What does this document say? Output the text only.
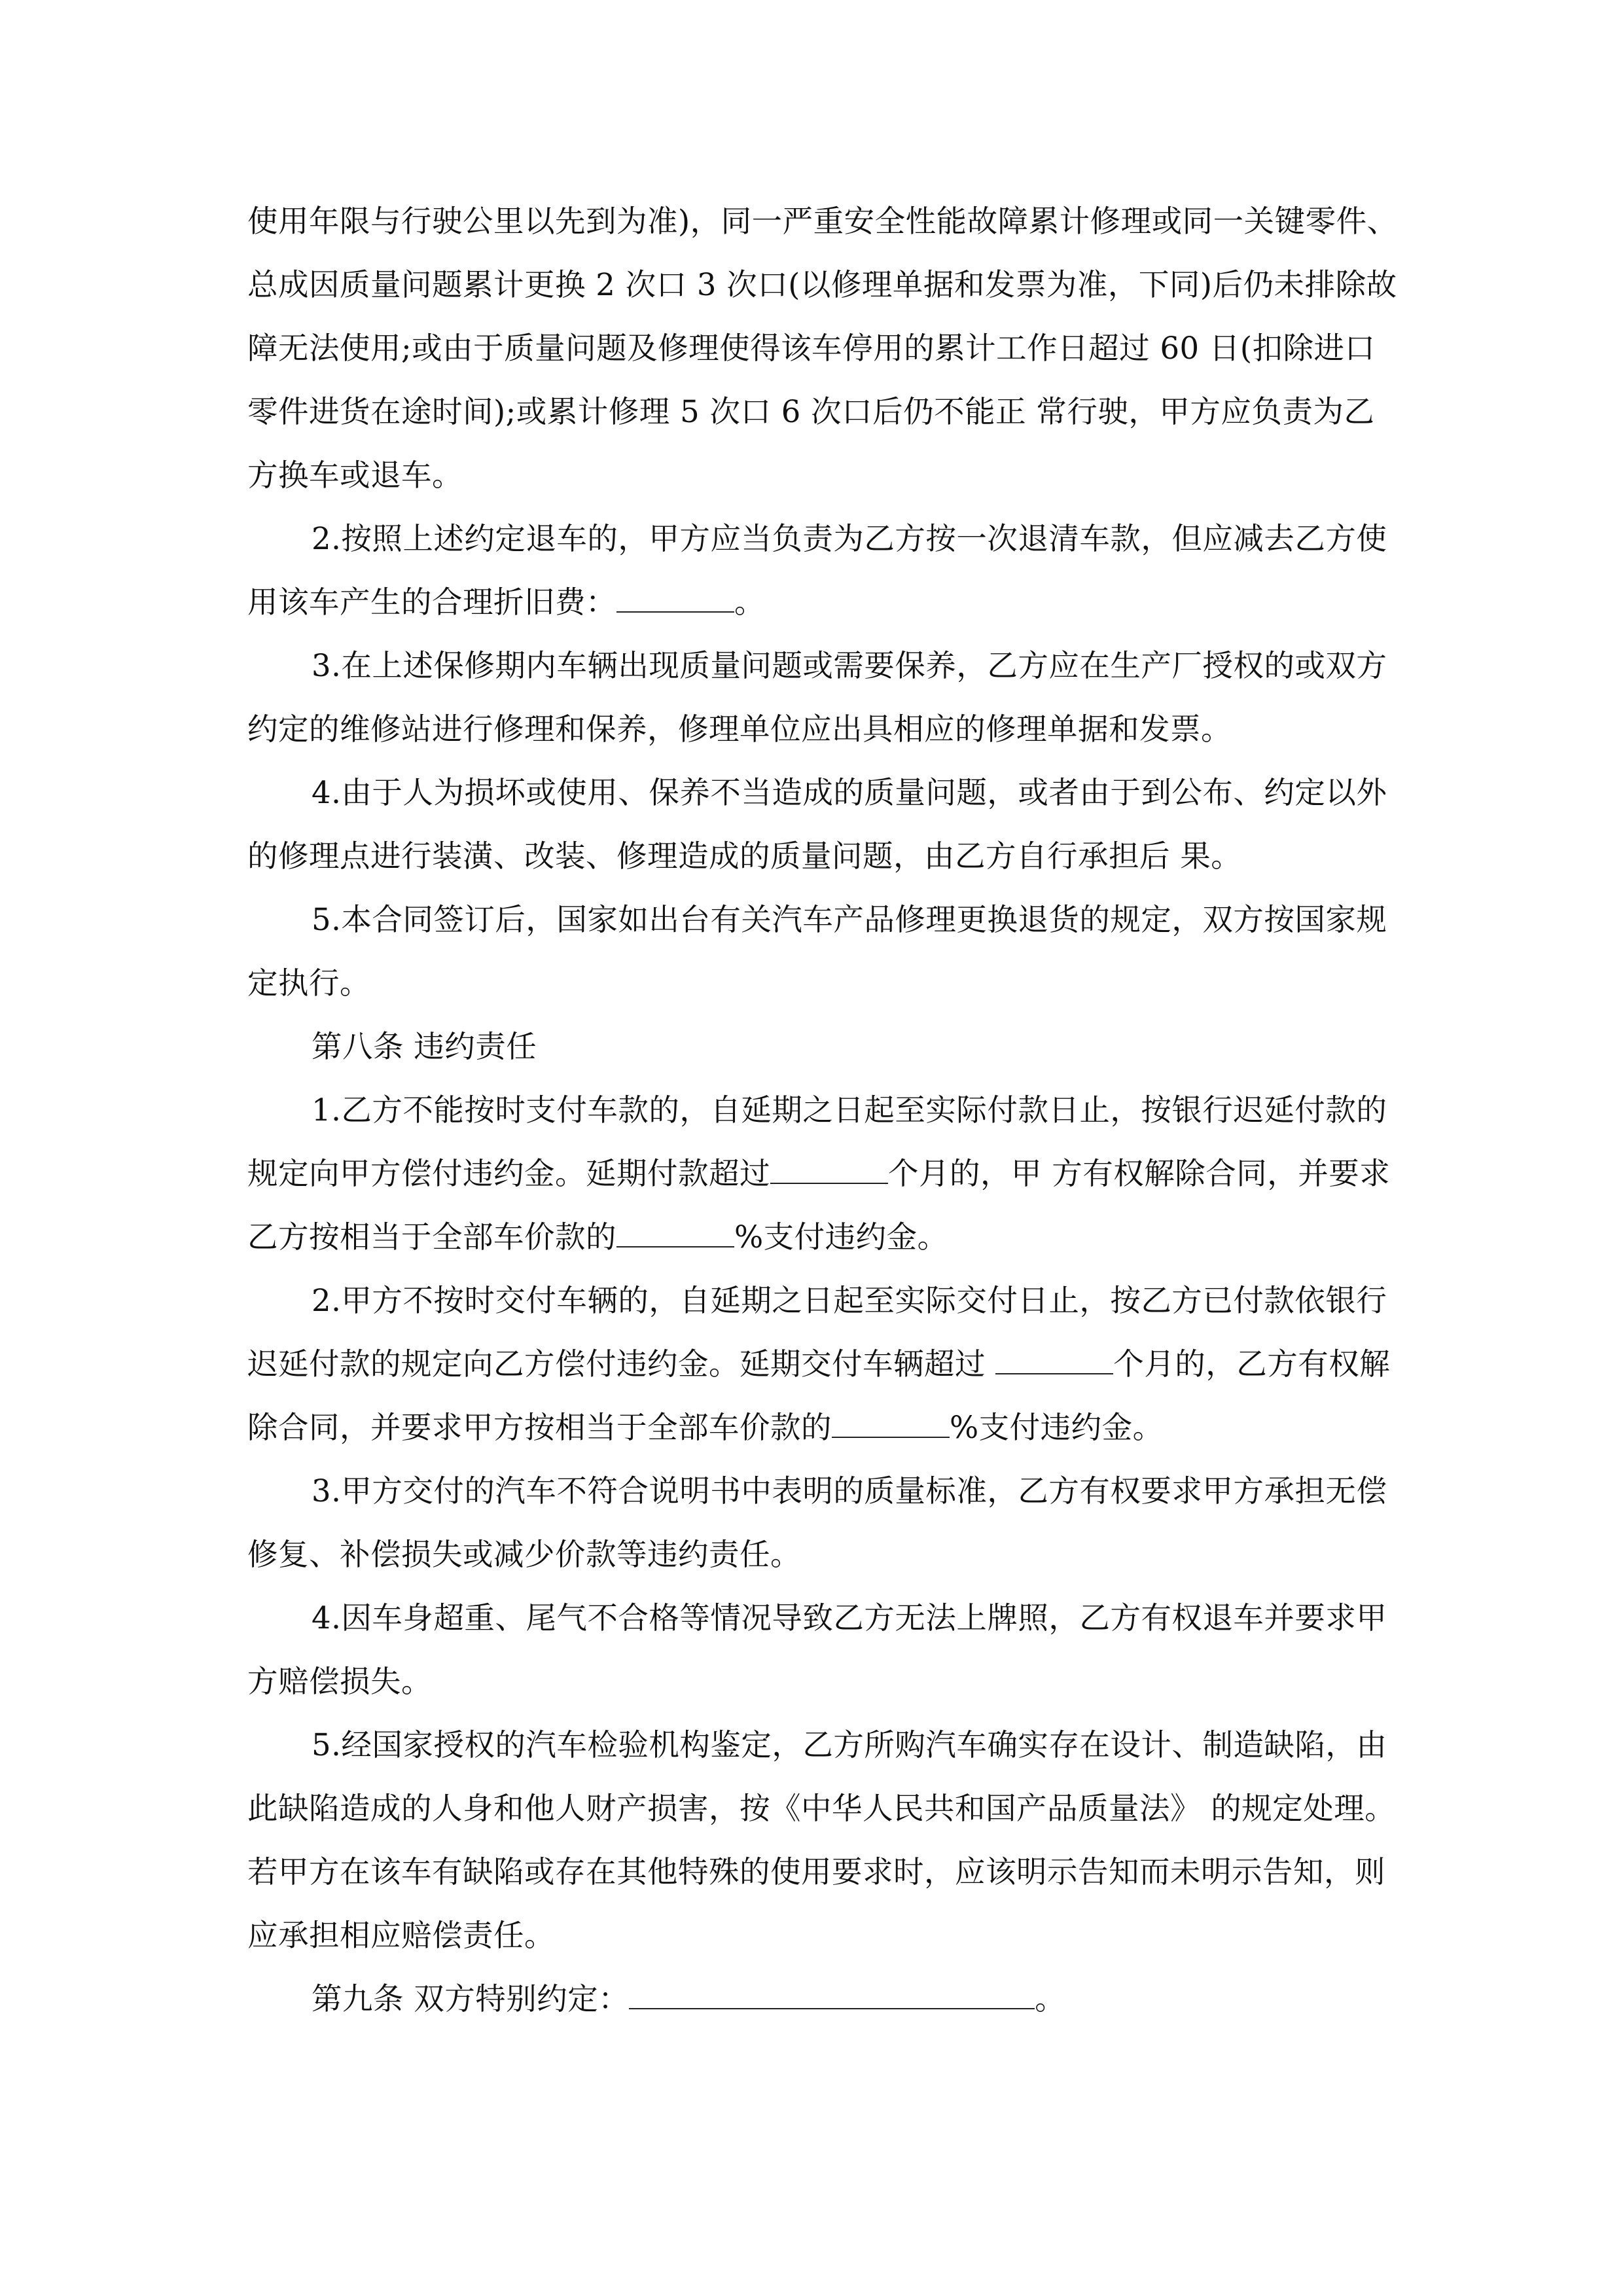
使用年限与行驶公里以先到为准)，同一严重安全性能故障累计修理或同一关键零件、总成因质量问题累计更换 2 次口 3 次口(以修理单据和发票为准，下同)后仍未排除故障无法使用;或由于质量问题及修理使得该车停用的累计工作日超过 60 日(扣除进口零件进货在途时间);或累计修理 5 次口 6 次口后仍不能正 常行驶，甲方应负责为乙方换车或退车。

2.按照上述约定退车的，甲方应当负责为乙方按一次退清车款，但应减去乙方使用该车产生的合理折旧费：	。

3.在上述保修期内车辆出现质量问题或需要保养，乙方应在生产厂授权的或双方约定的维修站进行修理和保养，修理单位应出具相应的修理单据和发票。

4.由于人为损坏或使用、保养不当造成的质量问题，或者由于到公布、约定以外的修理点进行装潢、改装、修理造成的质量问题，由乙方自行承担后 果。

5.本合同签订后，国家如出台有关汽车产品修理更换退货的规定，双方按国家规定执行。

第八条 违约责任

1.乙方不能按时支付车款的，自延期之日起至实际付款日止，按银行迟延付款的规定向甲方偿付违约金。延期付款超过	个月的，甲 方有权解除合同，并要求乙方按相当于全部车价款的	%支付违约金。

2.甲方不按时交付车辆的，自延期之日起至实际交付日止，按乙方已付款依银行迟延付款的规定向乙方偿付违约金。延期交付车辆超过	个月的，乙方有权解除合同，并要求甲方按相当于全部车价款的	%支付违约金。

3.甲方交付的汽车不符合说明书中表明的质量标准，乙方有权要求甲方承担无偿修复、补偿损失或减少价款等违约责任。

4.因车身超重、尾气不合格等情况导致乙方无法上牌照，乙方有权退车并要求甲方赔偿损失。

5.经国家授权的汽车检验机构鉴定，乙方所购汽车确实存在设计、制造缺陷，由此缺陷造成的人身和他人财产损害，按《中华人民共和国产品质量法》 的规定处理。若甲方在该车有缺陷或存在其他特殊的使用要求时，应该明示告知而未明示告知，则应承担相应赔偿责任。

第九条 双方特别约定：	。
